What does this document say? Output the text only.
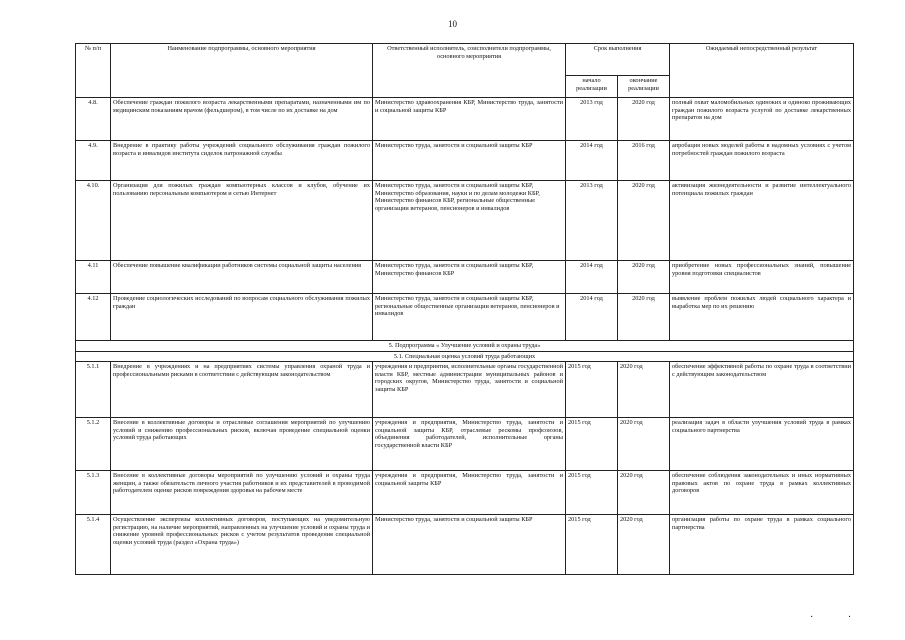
10
№ п/п	Наименование подпрограммы, основного мероприятия	Ответственный исполнитель, соисполнители подпрограммы, основного мероприятия	Срок выполнения		Ожидаемый непосредственный результат
			начало реализации	окончание реализации	
4.8.	Обеспечение граждан пожилого возраста лекарственными препаратами, назначенными им по медицинским показаниям врачом (фельдшером), в том числе по их доставке на дом	Министерство здравоохранения КБР, Министерство труда, занятости и социальной защиты КБР	2013 год	2020 год	полный охват маломобильных одиноких и одиноко проживающих граждан пожилого возраста услугой по доставке лекарственных препаратов на дом
4.9.	Внедрение в практику работы учреждений социального обслуживания граждан пожилого возраста и инвалидов института сиделок патронажной службы	Министерство труда, занятости и социальной защиты КБР	2014 год	2016 год	апробация новых моделей работы в надомных условиях с учетом потребностей граждан пожилого возраста
4.10.	Организация для пожилых граждан компьютерных классов и клубов, обучение их пользованию персональным компьютером и сетью Интернет	Министерство труда, занятости и социальной защиты КБР, Министерство образования, науки и по делам молодежи КБР, Министерство финансов КБР, региональные общественные организации ветеранов, пенсионеров и инвалидов	2013 год	2020 год	активизация жизнедеятельности и развитие интеллектуального потенциала пожилых граждан
4.11	Обеспечение повышение квалификации работников системы социальной защиты населения	Министерство труда, занятости и социальной защиты КБР, Министерство финансов КБР	2014 год	2020 год	приобретение новых профессиональных знаний, повышение уровня подготовки специалистов
4.12	Проведение социологических исследований по вопросам социального обслуживания пожилых граждан	Министерство труда, занятости и социальной защиты КБР, региональные общественные организации ветеранов, пенсионеров и инвалидов	2014 год	2020 год	выявление проблем пожилых людей социального характера и выработка мер по их решению
5. Подпрограмма « Улучшение условий и охраны труда»					
5.1. Специальная оценка условий труда работающих					
5.1.1	Внедрение в учреждениях и на предприятиях системы управления охраной труда и профессиональными рисками в соответствии с действующим законодательством	учреждения и предприятия, исполнительные органы государственной власти КБР, местные администрации муниципальных районов и городских округов, Министерство труда, занятости и социальной защиты КБР	2015 год	2020 год	обеспечение эффективной работы по охране труда в соответствии с действующим законодательством
5.1.2	Внесение в коллективные договоры и отраслевые соглашения мероприятий по улучшению условий и снижению профессиональных рисков, включая проведение специальной оценки условий труда работающих	учреждения и предприятия, Министерство труда, занятости и социальной защиты КБР, отраслевые рескомы профсоюзов, объединения работодателей, исполнительные органы государственной власти КБР	2015 год	2020 год	реализация задач в области улучшения условий труда в рамках социального партнерства
5.1.3	Внесение в коллективные договоры мероприятий по улучшению условий и охраны труда женщин, а также обязательств личного участия работников и их представителей в проводимой работодателем оценке рисков повреждения здоровья на рабочем месте	учреждения и предприятия, Министерство труда, занятости и социальной защиты КБР	2015 год	2020 год	обеспечение соблюдения законодательных и иных нормативных правовых актов по охране труда в рамках коллективных договоров
5.1.4	Осуществление экспертизы коллективных договоров, поступающих на уведомительную регистрацию, на наличие мероприятий, направленных на улучшение условий и охраны труда и снижение уровней профессиональных рисков с учетом результатов проведения специальной оценки условий труда (раздел «Охрана труда»)	Министерство труда, занятости и социальной защиты КБР	2015 год	2020 год	организация работы по охране труда в рамках социального партнерства
· ·
